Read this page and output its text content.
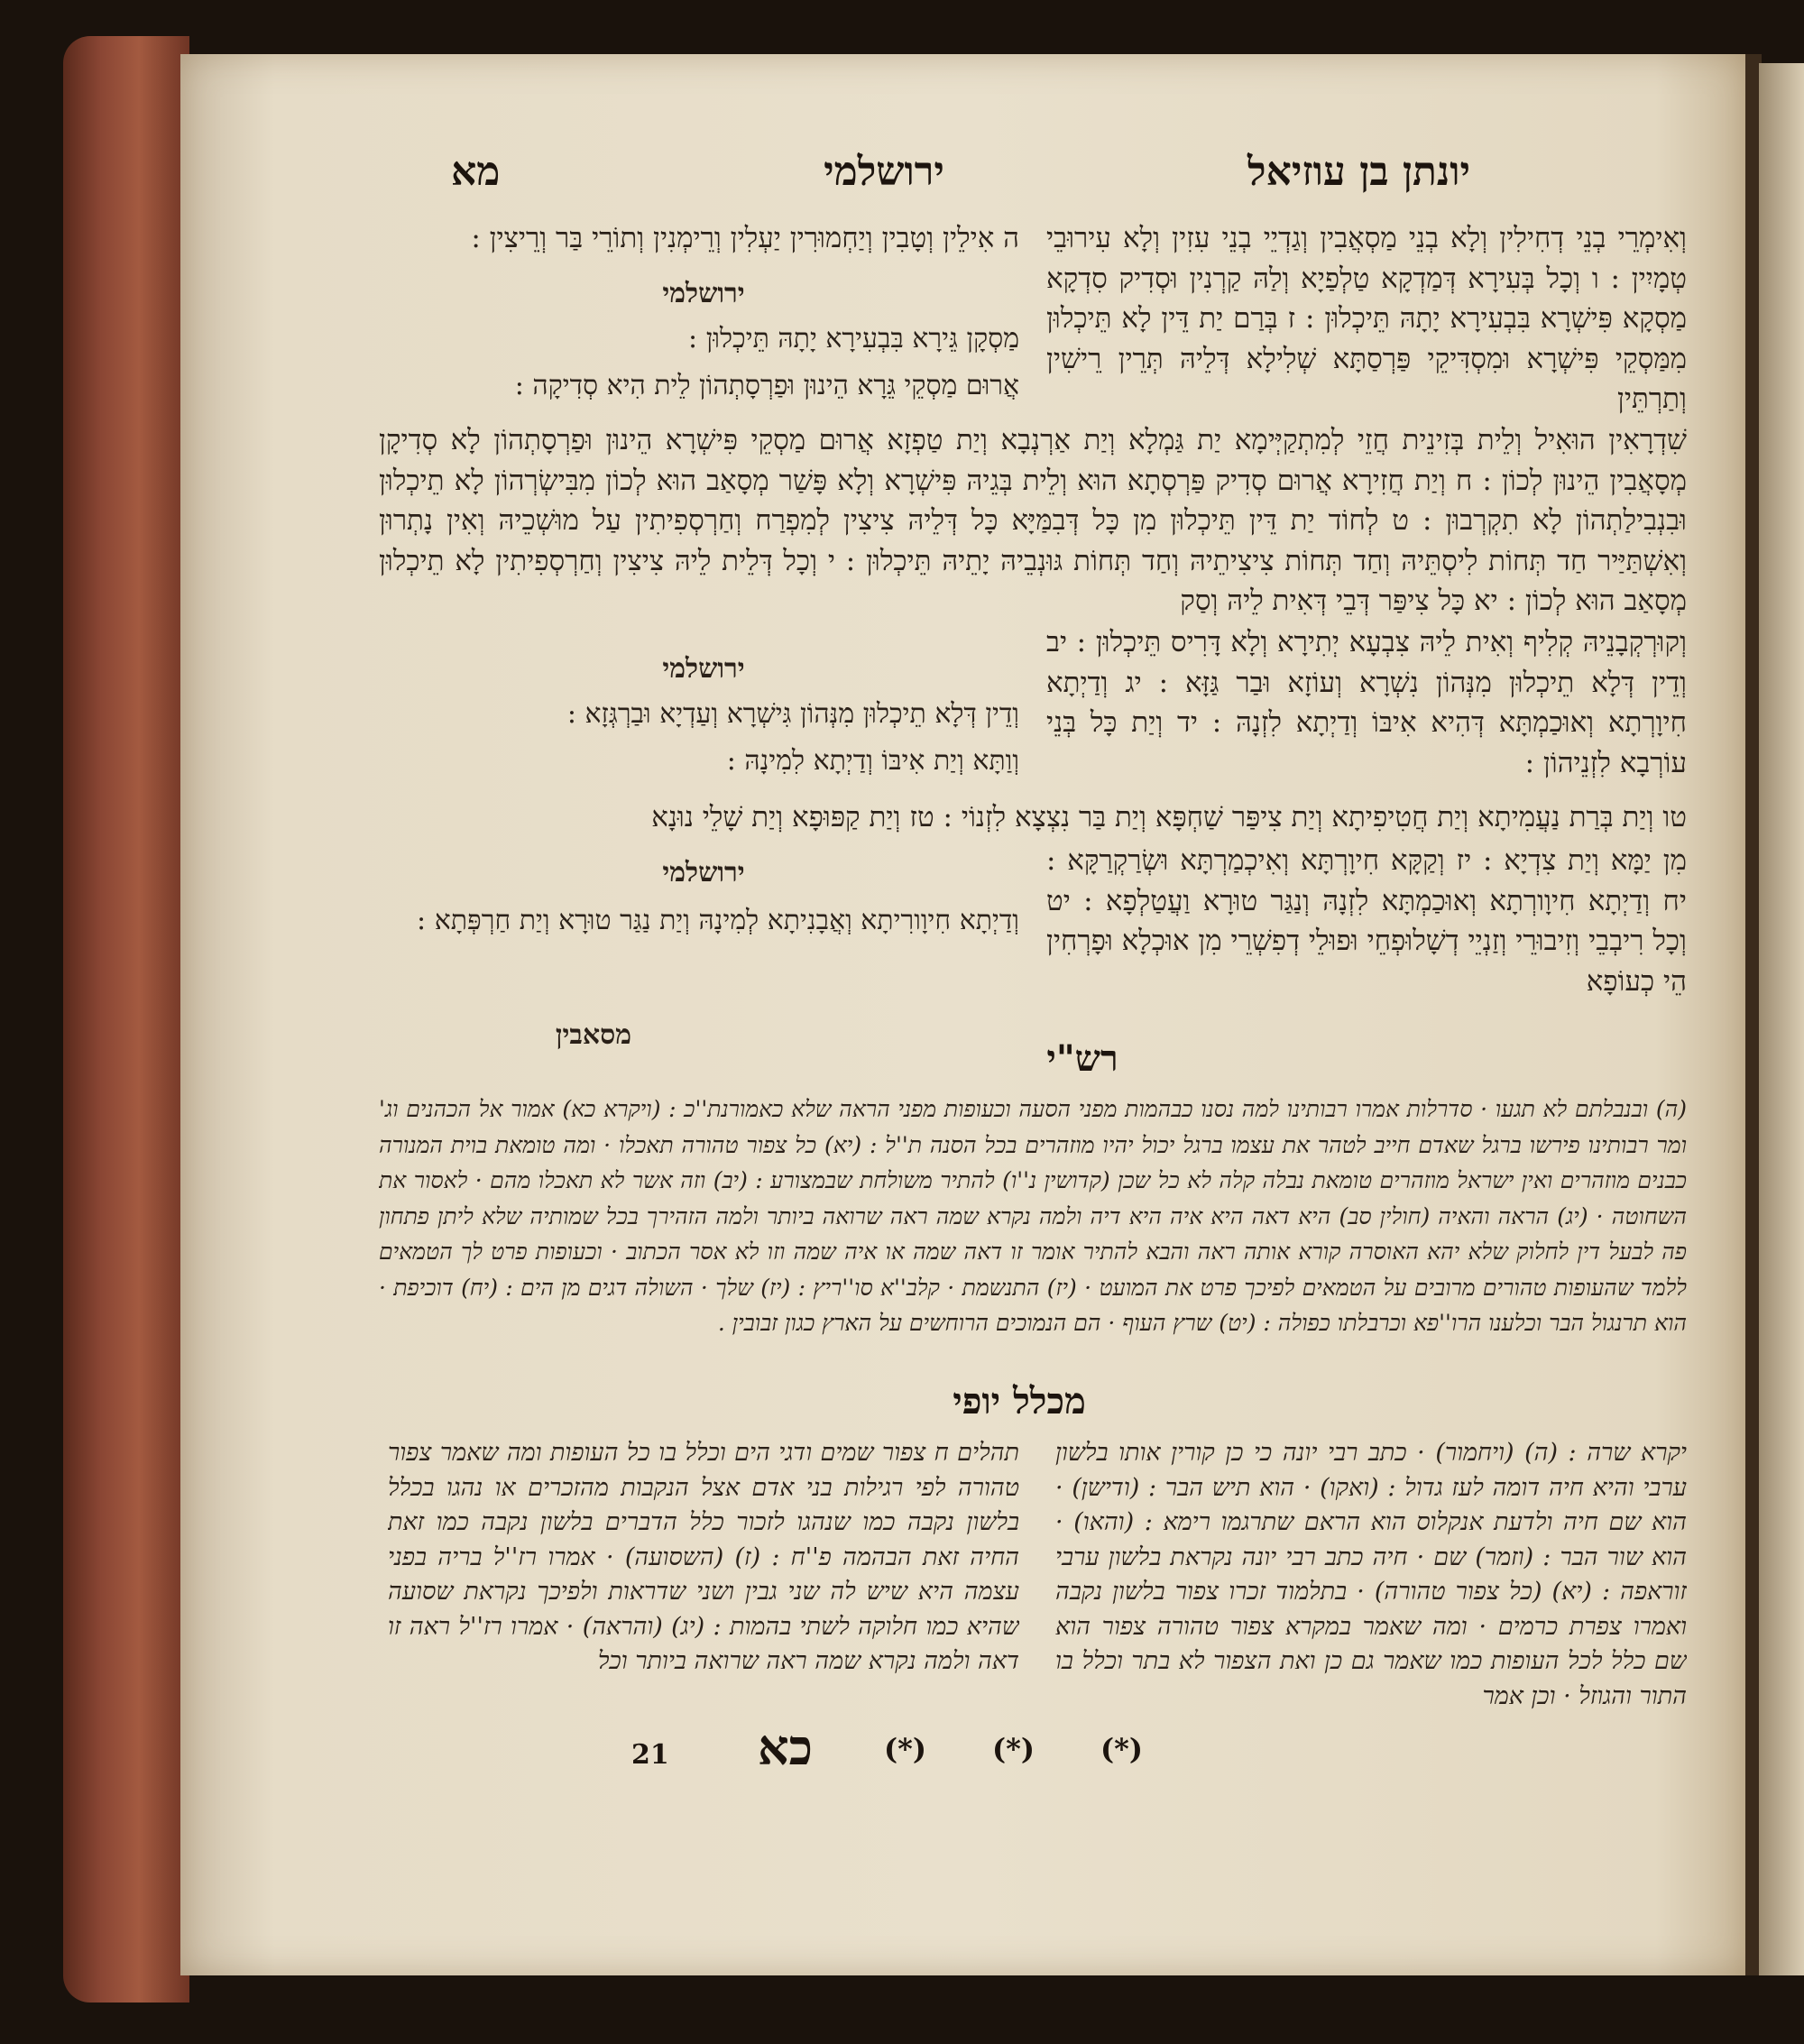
יונתן בן עוזיאל
ירושלמי
מא
וְאִימְרֵי בְנֵי דְחִילִין וְלָא בְנֵי מַסְאֲבִין וְגַדְיֵי בְנֵי עִזִין וְלָא עִירוּבֵי טְמָיִין : ו וְכָל בְּעִירָא דְּמַדְקָא טַלְפַיָא וְלַהּ קַרְנִין וּסְדִיק סִדְקָא מַסְקָא פִּישְׁרָא בִּבְעִירָא יָתָהּ תֵּיכְלוּן : ז בְּרַם יַת דֵּין לָא תֵּיכְלוּן מִמַּסְקֵי פִּישְׁרָא וּמִסְדִּיקֵי פַּרְסַתָּא שְׁלִילָא דְּלֵיהּ תְּרֵין רֵישִׁין וְתַרְתֵּין
ה אִילֵין וְטָבִין וְיַחְמוּרִין יַעְלִין וְרֵימְנִין וְתוֹרֵי בַּר וְרֵיצִין :
ירושלמי
מַסְקָן גֵּירָא בִּבְעִירָא יָתָהּ תֵּיכְלוּן :
אֲרוּם מַסְקֵי גֵּרָא הֵינוּן וּפַרְסָתְהוֹן לֵית הִיא סְדִיקָה :
שִׁדְרָאִין הוּאִיל וְלֵית בְּזִינֵית חֲזֵי לְמִתְקַיְּימָא יַת גַּמְלָא וְיַת אַרְנְבָא וְיַת טַפְזָא אֲרוּם מַסְקֵי פִּישְׁרָא הֵינוּן וּפַרְסָתְהוֹן לָא סְדִיקָן מְסָאֲבִין הֵינוּן לְכוֹן : ח וְיַת חֲזִירָא אֲרוּם סְדִיק פַּרְסְתָא הוּא וְלֵית בְּגֵיהּ פִּישְׁרָא וְלָא פָּשַׁר מְסָאַב הוּא לְכוֹן מִבִּישְׂרְהוֹן לָא תֵיכְלוּן וּבִנְבִילַתְהוֹן לָא תִקְרְבוּן : ט לְחוֹד יַת דֵּין תֵּיכְלוּן מִן כָּל דְּבִמַּיָּא כָּל דְּלֵיהּ צִיצִין לְמִפְרַח וְחַרְסְפִיתִין עַל מוּשְׁכֵיהּ וְאִין נָתְרוּן וְאִשְׁתַּיַּיר חַד תְּחוֹת לִיסְתֵּיהּ וְחַד תְּחוֹת צִיצִיתֵיהּ וְחַד תְּחוֹת גּוּנְבֵיהּ יָתֵיהּ תֵּיכְלוּן : י וְכָל דְּלֵית לֵיהּ צִיצִין וְחַרְסְפִיתִין לָא תֵיכְלוּן מְסָאַב הוּא לְכוֹן : יא כָּל צִיפַּר דְּבֵי דְּאִית לֵיהּ וְסַק
וְקוּרְקְבָנֵיהּ קְלִיף וְאִית לֵיהּ צִבְעָא יְתִירָא וְלָא דָּרִיס תֵּיכְלוּן : יב וְדֵין דְּלָא תֵיכְלוּן מִנְּהוֹן נִשְׁרָא וְעוֹזָא וּבַר גַּזָּא : יג וְדַיְתָא חִיוָרְתָא וְאוּכַמְתָּא דְּהִיא אִיבּוֹ וְדַיְתָא לִזְנָהּ : יד וְיַת כָּל בְּנֵי עוֹרְבָא לִזְנֵיהוֹן :
ירושלמי
וְדֵין דְּלָא תֵיכְלוּן מִנְּהוֹן גִּישְׁרָא וְעַדְיָא וּבַרְגְּזָא :
וְוַתָּא וְיַת אִיבּוֹ וְדַיְתָא לִמִינָהּ :
טו וְיַת בְּרַת נַעֲמִיתָא וְיַת חֲטִיפִיתָא וְיַת צִיפַּר שַׁחְפָּא וְיַת בַּר נִצְצָא לִזְנוֹי : טז וְיַת קַפּוּפָא וְיַת שָׁלֵי נוּנָא
מִן יַמָּא וְיַת צִדְיָא : יז וְקַקָּא חִיוָרְתָּא וְאִיכְמַרְתָּא וּשְׂרַקְרַקָּא : יח וְדַיְתָא חִיוָורְתָא וְאוּכַמְתָּא לִזְנָהּ וְנַגַּר טוּרָא וַעֲטַלְפָא : יט וְכָל רִיבְבֵי וְזִיבוּרֵי וְזַנְיֵי דְשָׁלוּפְחֵי וּפוּלֵי דְפִשְׁרֵי מִן אוּכְלָא וּפָרְחִין הֵי כְעוֹפָא
ירושלמי
וְדַיְתָא חִיוָורִיתָא וְאֲבָנִיתָא לְמִינָהּ וְיַת נַגַּר טוּרָא וְיַת חַרְפְּתָא :
מסאבין
רש"י
(ה) ובנבלתם לא תגעו · סדרלות אמרו רבותינו למה נסנו כבהמות מפני הסעה וכעופות מפני הראה שלא כאמורנת''כ : (ויקרא כא) אמור אל הכהנים וג' ומר רבותינו פירשו ברגל שאדם חייב לטהר את עצמו ברגל יכול יהיו מוזהרים בכל הסנה ת''ל : (יא) כל צפור טהורה תאכלו · ומה טומאת בוית המנורה כבנים מוזהרים ואין ישראל מוזהרים טומאת נבלה קלה לא כל שכן (קדושין נ''ו) להתיר משולחת שבמצורע : (יב) וזה אשר לא תאכלו מהם · לאסור את השחוטה · (יג) הראה והאיה (חולין סב) היא דאה היא איה היא דיה ולמה נקרא שמה ראה שרואה ביותר ולמה הזהירך בכל שמותיה שלא ליתן פתחון פה לבעל דין לחלוק שלא יהא האוסרה קורא אותה ראה והבא להתיר אומר זו דאה שמה או איה שמה וזו לא אסר הכתוב · וכעופות פרט לך הטמאים ללמד שהעופות טהורים מרובים על הטמאים לפיכך פרט את המועט · (יז) התנשמת · קלב''א סו''ריץ : (יז) שלך · השולה דגים מן הים : (יח) דוכיפת · הוא תרנגול הבר וכלענו הרו''פא וכרבלתו כפולה : (יט) שרץ העוף · הם הנמוכים הרוחשים על הארץ כגון זבובין .
מכלל יופי
יקרא שרה : (ה) (ויחמור) · כתב רבי יונה כי כן קורין אותו בלשון ערבי והיא חיה דומה לעז גדול : (ואקו) · הוא תיש הבר : (ודישן) · הוא שם חיה ולדעת אנקלוס הוא הראם שתרגמו רימא : (והאו) · הוא שור הבר : (וזמר) שם · חיה כתב רבי יונה נקראת בלשון ערבי זוראפה : (יא) (כל צפור טהורה) · בתלמוד זכרו צפור בלשון נקבה ואמרו צפרת כרמים · ומה שאמר במקרא צפור טהורה צפור הוא שם כלל לכל העופות כמו שאמר גם כן ואת הצפור לא בתר וכלל בו התור והגוזל · וכן אמר
תהלים ח צפור שמים ודגי הים וכלל בו כל העופות ומה שאמר צפור טהורה לפי רגילות בני אדם אצל הנקבות מהזכרים או נהגו בכלל בלשון נקבה כמו שנהגו לזכור כלל הדברים בלשון נקבה כמו זאת החיה זאת הבהמה פ''ח : (ז) (השסועה) · אמרו רז''ל בריה בפני עצמה היא שיש לה שני גבין ושני שדראות ולפיכך נקראת שסועה שהיא כמו חלוקה לשתי בהמות : (יג) (והראה) · אמרו רז''ל ראה זו דאה ולמה נקרא שמה ראה שרואה ביותר וכל
(*)
(*)
(*)
כא
21
